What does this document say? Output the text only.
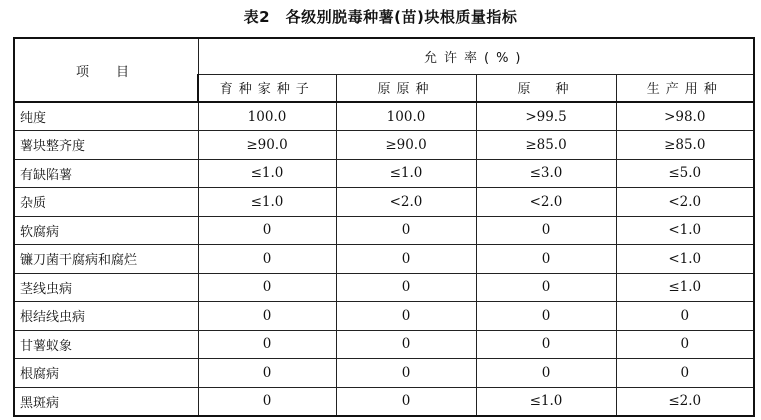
表2　各级别脱毒种薯(苗)块根质量指标
项　目	允许率(%)			
	育种家种子	原原种	原　种	生产用种
纯度	100.0	100.0	>99.5	>98.0
薯块整齐度	≥90.0	≥90.0	≥85.0	≥85.0
有缺陷薯	≤1.0	≤1.0	≤3.0	≤5.0
杂质	≤1.0	<2.0	<2.0	<2.0
软腐病	0	0	0	<1.0
镰刀菌干腐病和腐烂	0	0	0	<1.0
茎线虫病	0	0	0	≤1.0
根结线虫病	0	0	0	0
甘薯蚁象	0	0	0	0
根腐病	0	0	0	0
黑斑病	0	0	≤1.0	≤2.0
